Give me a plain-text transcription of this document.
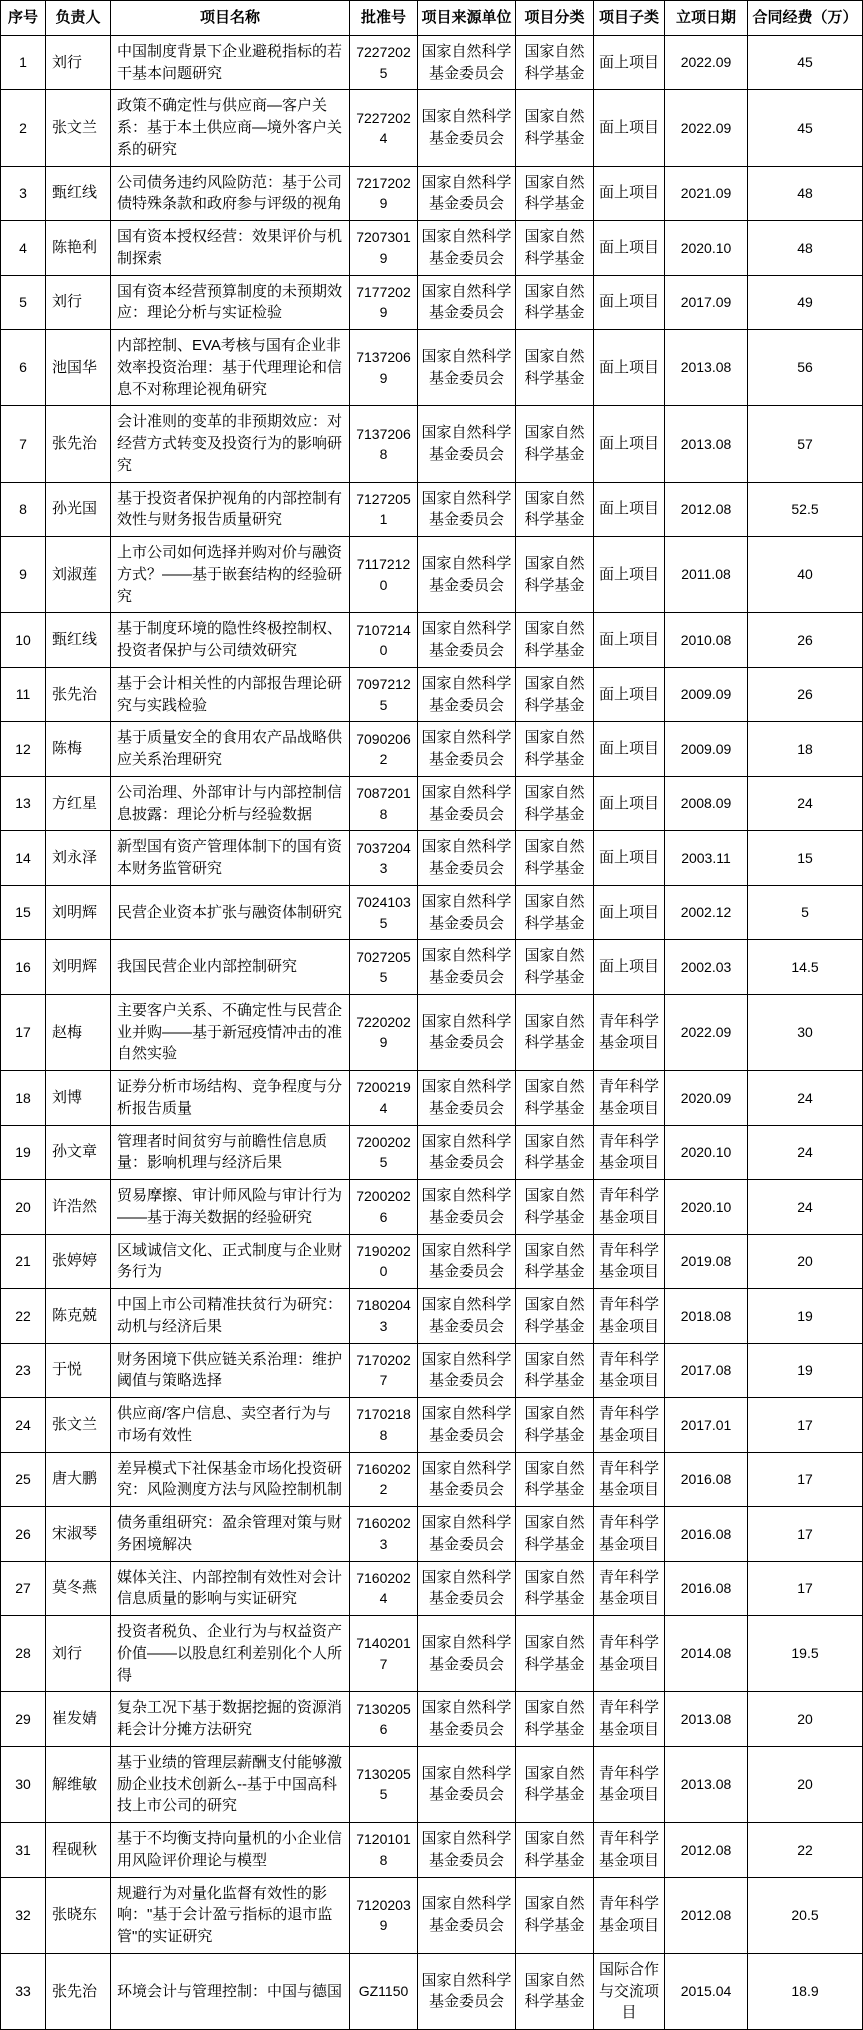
序号	负责人	项目名称	批准号	项目来源单位	项目分类	项目子类	立项日期	合同经费（万）
1	刘行	中国制度背景下企业避税指标的若干基本问题研究	72272025	国家自然科学基金委员会	国家自然科学基金	面上项目	2022.09	45
2	张文兰	政策不确定性与供应商—客户关系：基于本土供应商—境外客户关系的研究	72272024	国家自然科学基金委员会	国家自然科学基金	面上项目	2022.09	45
3	甄红线	公司债务违约风险防范：基于公司债特殊条款和政府参与评级的视角	72172029	国家自然科学基金委员会	国家自然科学基金	面上项目	2021.09	48
4	陈艳利	国有资本授权经营：效果评价与机制探索	72073019	国家自然科学基金委员会	国家自然科学基金	面上项目	2020.10	48
5	刘行	国有资本经营预算制度的未预期效应：理论分析与实证检验	71772029	国家自然科学基金委员会	国家自然科学基金	面上项目	2017.09	49
6	池国华	内部控制、EVA考核与国有企业非效率投资治理：基于代理理论和信息不对称理论视角研究	71372069	国家自然科学基金委员会	国家自然科学基金	面上项目	2013.08	56
7	张先治	会计准则的变革的非预期效应：对经营方式转变及投资行为的影响研究	71372068	国家自然科学基金委员会	国家自然科学基金	面上项目	2013.08	57
8	孙光国	基于投资者保护视角的内部控制有效性与财务报告质量研究	71272051	国家自然科学基金委员会	国家自然科学基金	面上项目	2012.08	52.5
9	刘淑莲	上市公司如何选择并购对价与融资方式？——基于嵌套结构的经验研究	71172120	国家自然科学基金委员会	国家自然科学基金	面上项目	2011.08	40
10	甄红线	基于制度环境的隐性终极控制权、投资者保护与公司绩效研究	71072140	国家自然科学基金委员会	国家自然科学基金	面上项目	2010.08	26
11	张先治	基于会计相关性的内部报告理论研究与实践检验	70972125	国家自然科学基金委员会	国家自然科学基金	面上项目	2009.09	26
12	陈梅	基于质量安全的食用农产品战略供应关系治理研究	70902062	国家自然科学基金委员会	国家自然科学基金	面上项目	2009.09	18
13	方红星	公司治理、外部审计与内部控制信息披露：理论分析与经验数据	70872018	国家自然科学基金委员会	国家自然科学基金	面上项目	2008.09	24
14	刘永泽	新型国有资产管理体制下的国有资本财务监管研究	70372043	国家自然科学基金委员会	国家自然科学基金	面上项目	2003.11	15
15	刘明辉	民营企业资本扩张与融资体制研究	70241035	国家自然科学基金委员会	国家自然科学基金	面上项目	2002.12	5
16	刘明辉	我国民营企业内部控制研究	70272055	国家自然科学基金委员会	国家自然科学基金	面上项目	2002.03	14.5
17	赵梅	主要客户关系、不确定性与民营企业并购——基于新冠疫情冲击的准自然实验	72202029	国家自然科学基金委员会	国家自然科学基金	青年科学基金项目	2022.09	30
18	刘博	证券分析市场结构、竞争程度与分析报告质量	72002194	国家自然科学基金委员会	国家自然科学基金	青年科学基金项目	2020.09	24
19	孙文章	管理者时间贫穷与前瞻性信息质量：影响机理与经济后果	72002025	国家自然科学基金委员会	国家自然科学基金	青年科学基金项目	2020.10	24
20	许浩然	贸易摩擦、审计师风险与审计行为——基于海关数据的经验研究	72002026	国家自然科学基金委员会	国家自然科学基金	青年科学基金项目	2020.10	24
21	张婷婷	区域诚信文化、正式制度与企业财务行为	71902020	国家自然科学基金委员会	国家自然科学基金	青年科学基金项目	2019.08	20
22	陈克兢	中国上市公司精准扶贫行为研究：动机与经济后果	71802043	国家自然科学基金委员会	国家自然科学基金	青年科学基金项目	2018.08	19
23	于悦	财务困境下供应链关系治理：维护阈值与策略选择	71702027	国家自然科学基金委员会	国家自然科学基金	青年科学基金项目	2017.08	19
24	张文兰	供应商/客户信息、卖空者行为与市场有效性	71702188	国家自然科学基金委员会	国家自然科学基金	青年科学基金项目	2017.01	17
25	唐大鹏	差异模式下社保基金市场化投资研究：风险测度方法与风险控制机制	71602022	国家自然科学基金委员会	国家自然科学基金	青年科学基金项目	2016.08	17
26	宋淑琴	债务重组研究：盈余管理对策与财务困境解决	71602023	国家自然科学基金委员会	国家自然科学基金	青年科学基金项目	2016.08	17
27	莫冬燕	媒体关注、内部控制有效性对会计信息质量的影响与实证研究	71602024	国家自然科学基金委员会	国家自然科学基金	青年科学基金项目	2016.08	17
28	刘行	投资者税负、企业行为与权益资产价值——以股息红利差别化个人所得	71402017	国家自然科学基金委员会	国家自然科学基金	青年科学基金项目	2014.08	19.5
29	崔发婧	复杂工况下基于数据挖掘的资源消耗会计分摊方法研究	71302056	国家自然科学基金委员会	国家自然科学基金	青年科学基金项目	2013.08	20
30	解维敏	基于业绩的管理层薪酬支付能够激励企业技术创新么--基于中国高科技上市公司的研究	71302055	国家自然科学基金委员会	国家自然科学基金	青年科学基金项目	2013.08	20
31	程砚秋	基于不均衡支持向量机的小企业信用风险评价理论与模型	71201018	国家自然科学基金委员会	国家自然科学基金	青年科学基金项目	2012.08	22
32	张晓东	规避行为对量化监督有效性的影响："基于会计盈亏指标的退市监管"的实证研究	71202039	国家自然科学基金委员会	国家自然科学基金	青年科学基金项目	2012.08	20.5
33	张先治	环境会计与管理控制：中国与德国	GZ1150	国家自然科学基金委员会	国家自然科学基金	国际合作与交流项目	2015.04	18.9
